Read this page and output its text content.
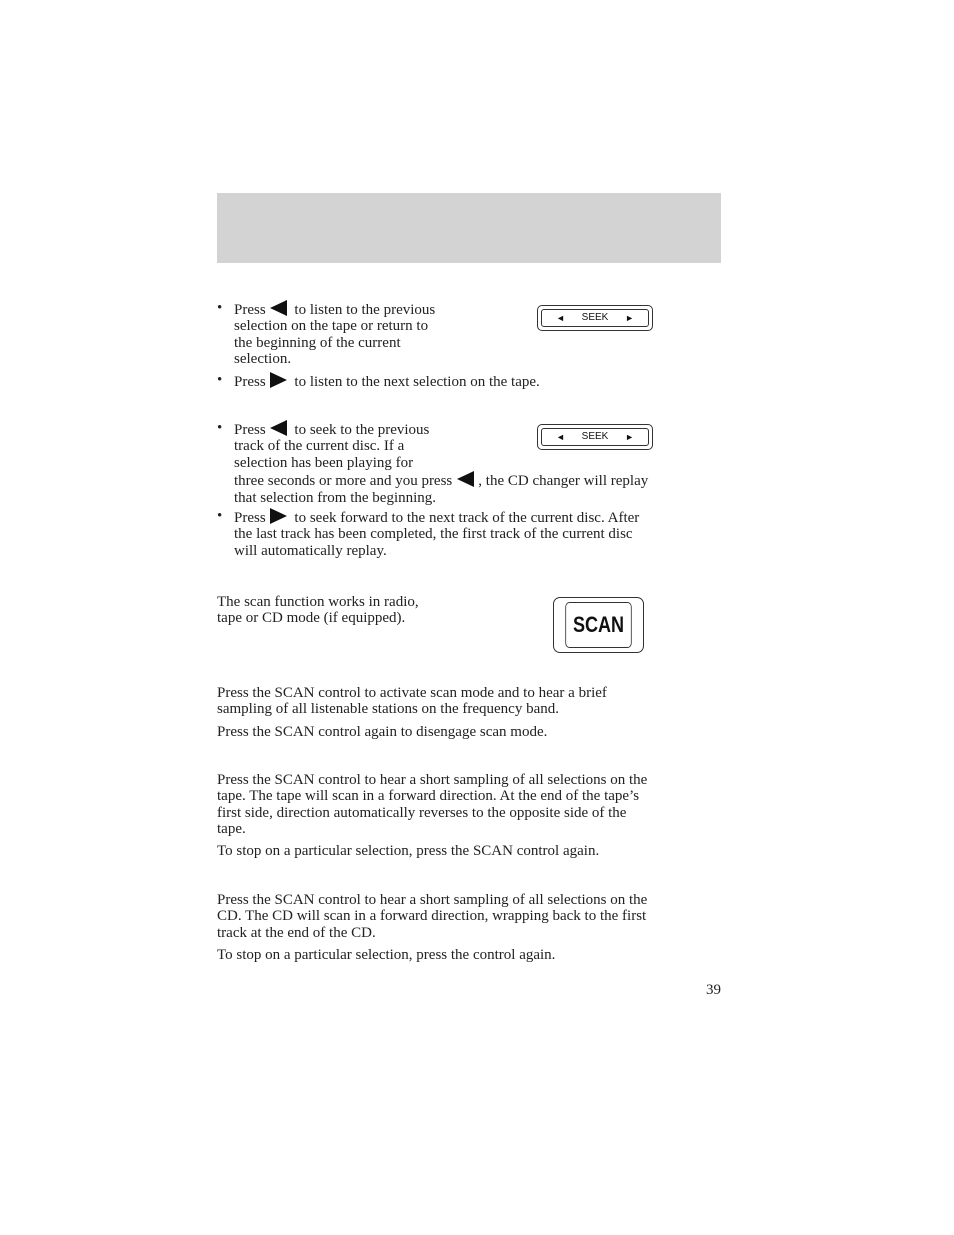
◄ SEEK ►
• Press to listen to the previous

selection on the tape or return to

the beginning of the current

selection.

• Press to listen to the next selection on the tape.

◄ SEEK ►
• Press to seek to the previous

track of the current disc. If a

selection has been playing for

three seconds or more and you press , the CD changer will replay

that selection from the beginning.

• Press to seek forward to the next track of the current disc. After

the last track has been completed, the first track of the current disc

will automatically replay.

The scan function works in radio,

tape or CD mode (if equipped).	SCAN

Press the SCAN control to activate scan mode and to hear a brief

sampling of all listenable stations on the frequency band.

Press the SCAN control again to disengage scan mode.

Press the SCAN control to hear a short sampling of all selections on the

tape. The tape will scan in a forward direction. At the end of the tape’s

first side, direction automatically reverses to the opposite side of the

tape.

To stop on a particular selection, press the SCAN control again.

Press the SCAN control to hear a short sampling of all selections on the

CD. The CD will scan in a forward direction, wrapping back to the first

track at the end of the CD.

To stop on a particular selection, press the control again.

39
